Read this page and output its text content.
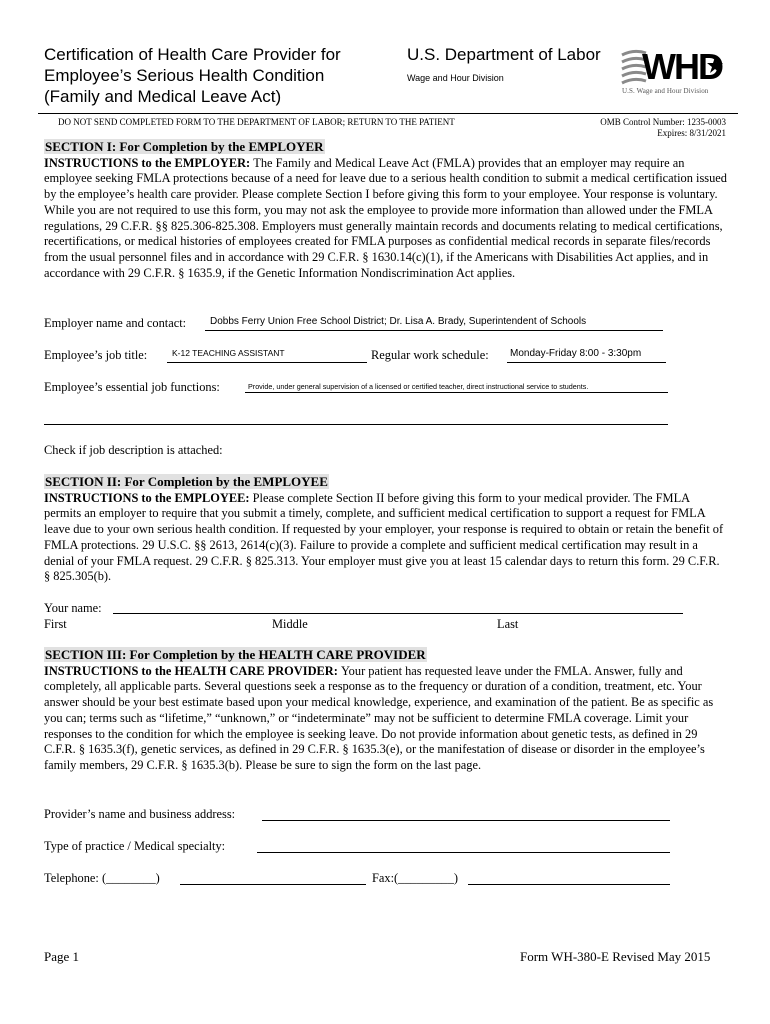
Certification of Health Care Provider for
Employee’s Serious Health Condition
(Family and Medical Leave Act)
U.S. Department of Labor
Wage and Hour Division	WHD
U.S. Wage and Hour Division
DO NOT SEND COMPLETED FORM TO THE DEPARTMENT OF LABOR; RETURN TO THE PATIENT	OMB Control Number: 1235-0003
Expires: 8/31/2021
SECTION I: For Completion by the EMPLOYER
INSTRUCTIONS to the EMPLOYER: The Family and Medical Leave Act (FMLA) provides that an employer may require an employee seeking FMLA protections because of a need for leave due to a serious health condition to submit a medical certification issued by the employee’s health care provider. Please complete Section I before giving this form to your employee. Your response is voluntary. While you are not required to use this form, you may not ask the employee to provide more information than allowed under the FMLA regulations, 29 C.F.R. §§ 825.306-825.308. Employers must generally maintain records and documents relating to medical certifications, recertifications, or medical histories of employees created for FMLA purposes as confidential medical records in separate files/records from the usual personnel files and in accordance with 29 C.F.R. § 1630.14(c)(1), if the Americans with Disabilities Act applies, and in accordance with 29 C.F.R. § 1635.9, if the Genetic Information Nondiscrimination Act applies.
Employer name and contact: Dobbs Ferry Union Free School District; Dr. Lisa A. Brady, Superintendent of Schools
Employee’s job title:	K-12 TEACHING ASSISTANT	Regular work schedule: Monday-Friday 8:00 - 3:30pm
Employee’s essential job functions:	Provide, under general supervision of a licensed or certified teacher, direct instructional service to students.
Check if job description is attached:
SECTION II: For Completion by the EMPLOYEE
INSTRUCTIONS to the EMPLOYEE: Please complete Section II before giving this form to your medical provider. The FMLA permits an employer to require that you submit a timely, complete, and sufficient medical certification to support a request for FMLA leave due to your own serious health condition. If requested by your employer, your response is required to obtain or retain the benefit of FMLA protections. 29 U.S.C. §§ 2613, 2614(c)(3). Failure to provide a complete and sufficient medical certification may result in a denial of your FMLA request. 29 C.F.R. § 825.313. Your employer must give you at least 15 calendar days to return this form. 29 C.F.R. § 825.305(b).
Your name:
First	Middle	Last
SECTION III: For Completion by the HEALTH CARE PROVIDER
INSTRUCTIONS to the HEALTH CARE PROVIDER: Your patient has requested leave under the FMLA. Answer, fully and completely, all applicable parts. Several questions seek a response as to the frequency or duration of a condition, treatment, etc. Your answer should be your best estimate based upon your medical knowledge, experience, and examination of the patient. Be as specific as you can; terms such as “lifetime,” “unknown,” or “indeterminate” may not be sufficient to determine FMLA coverage. Limit your responses to the condition for which the employee is seeking leave. Do not provide information about genetic tests, as defined in 29 C.F.R. § 1635.3(f), genetic services, as defined in 29 C.F.R. § 1635.3(e), or the manifestation of disease or disorder in the employee’s family members, 29 C.F.R. § 1635.3(b). Please be sure to sign the form on the last page.
Provider’s name and business address:
Type of practice / Medical specialty:
Telephone: (________)	Fax:(_________)
Page 1	Form WH-380-E Revised May 2015
